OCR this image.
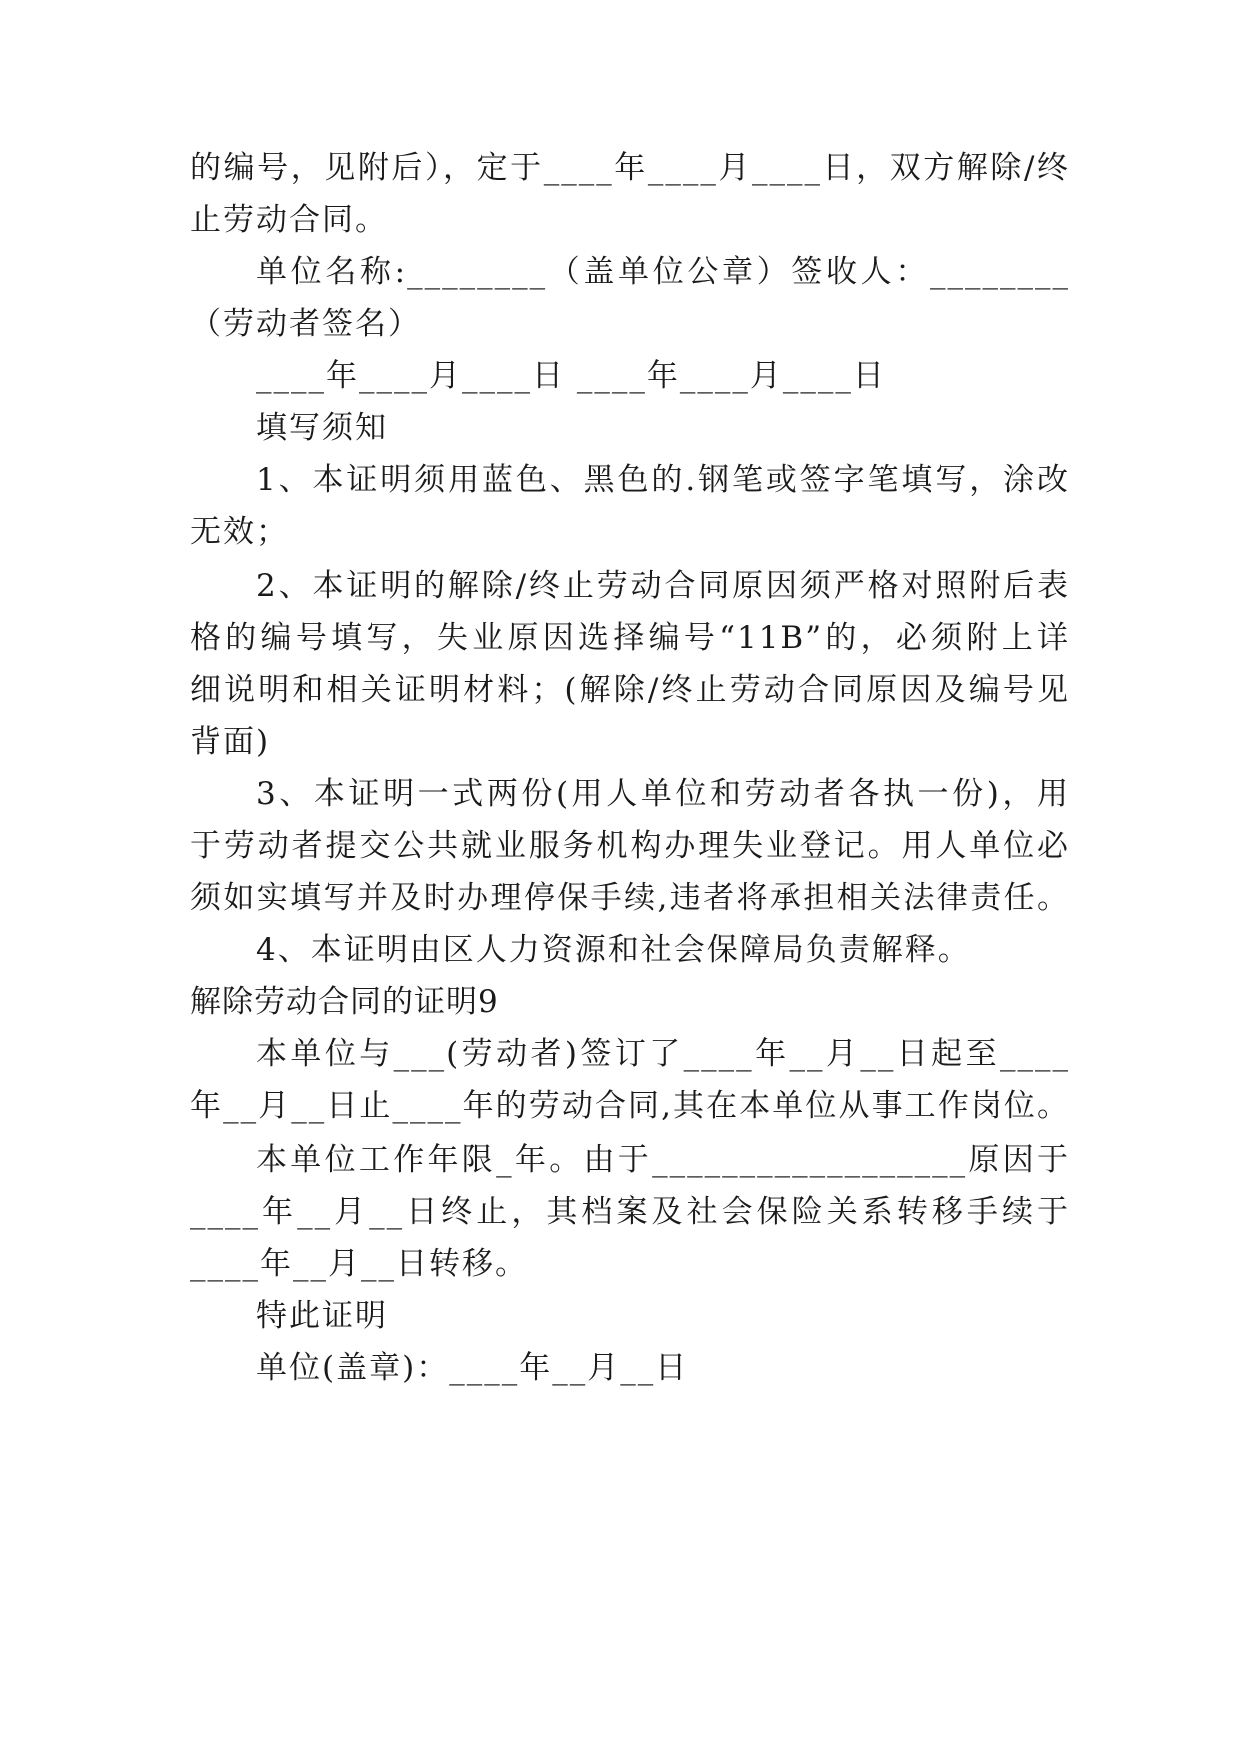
的编号，见附后），定于____年____月____日，双方解除/终
止劳动合同。
单位名称:________（盖单位公章）签收人：________
（劳动者签名）
____年____月____日 ____年____月____日
填写须知
1、本证明须用蓝色、黑色的.钢笔或签字笔填写，涂改
无效；
2、本证明的解除/终止劳动合同原因须严格对照附后表
格的编号填写，失业原因选择编号“11B”的，必须附上详
细说明和相关证明材料；(解除/终止劳动合同原因及编号见
背面)
3、本证明一式两份(用人单位和劳动者各执一份)，用
于劳动者提交公共就业服务机构办理失业登记。用人单位必
须如实填写并及时办理停保手续,违者将承担相关法律责任。
4、本证明由区人力资源和社会保障局负责解释。
解除劳动合同的证明9
本单位与___(劳动者)签订了____年__月__日起至____
年__月__日止____年的劳动合同,其在本单位从事工作岗位。
本单位工作年限_年。由于__________________原因于
____年__月__日终止，其档案及社会保险关系转移手续于
____年__月__日转移。
特此证明
单位(盖章)：____年__月__日
